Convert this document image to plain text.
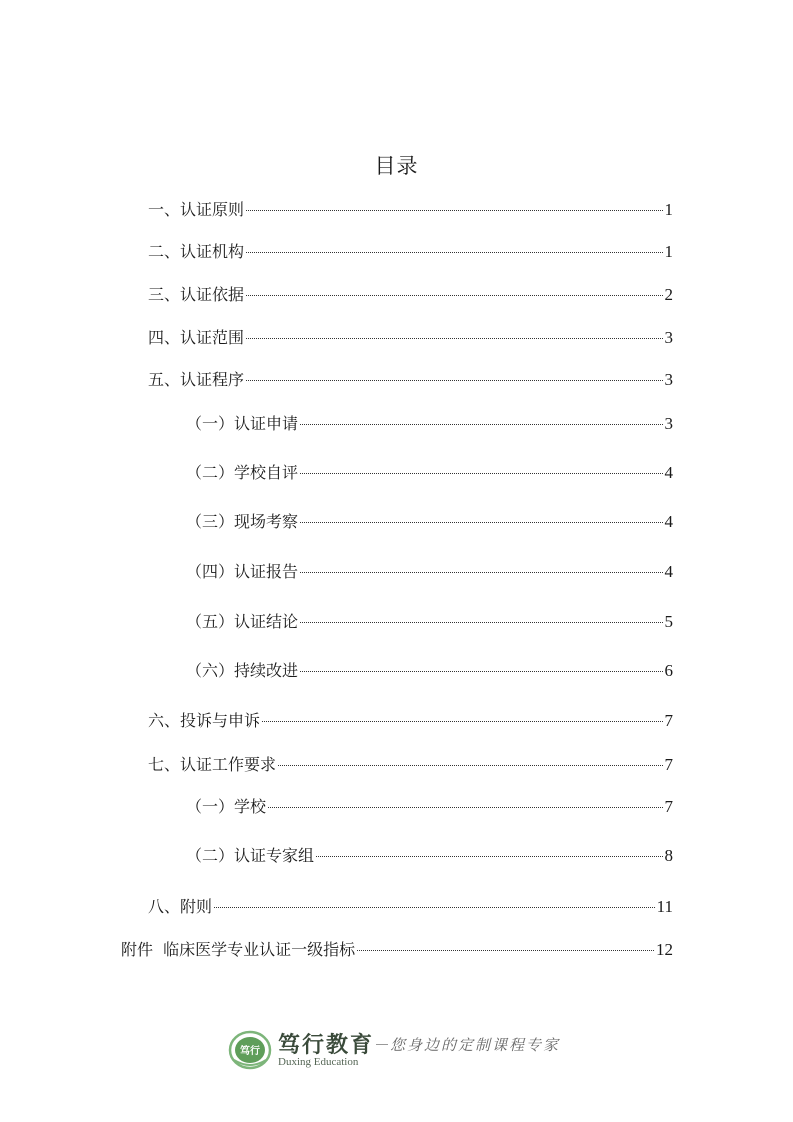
目录
一、认证原则	1
二、认证机构	1
三、认证依据	2
四、认证范围	3
五、认证程序	3
（一）认证申请	3
（二）学校自评	4
（三）现场考察	4
（四）认证报告	4
（五）认证结论	5
（六）持续改进	6
六、投诉与申诉	7
七、认证工作要求	7
（一）学校	7
（二）认证专家组	8
八、附则	11
附件  临床医学专业认证一级指标	12
笃行 笃行教育
Duxing Education
您身边的定制课程专家
